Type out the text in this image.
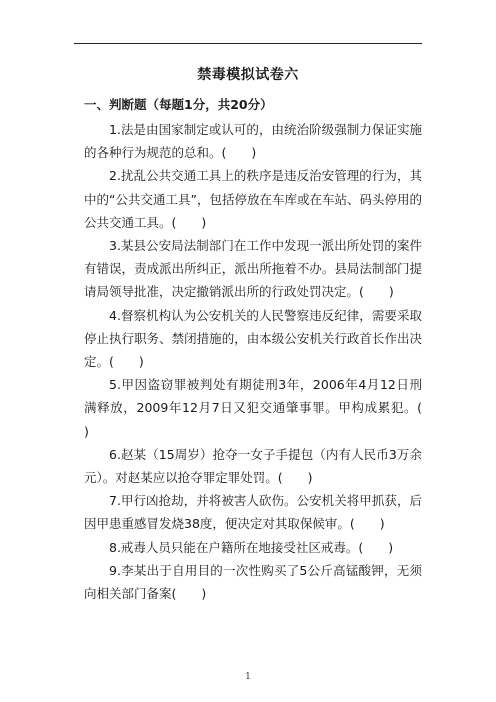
禁毒模拟试卷六
一、判断题（每题1分，共20分）

1.法是由国家制定或认可的，由统治阶级强制力保证实施的各种行为规范的总和。(　　)

2.扰乱公共交通工具上的秩序是违反治安管理的行为，其中的“公共交通工具”，包括停放在车库或在车站、码头停用的公共交通工具。(　　)

3.某县公安局法制部门在工作中发现一派出所处罚的案件有错误，责成派出所纠正，派出所拖着不办。县局法制部门提请局领导批准，决定撤销派出所的行政处罚决定。(　　)

4.督察机构认为公安机关的人民警察违反纪律，需要采取停止执行职务、禁闭措施的，由本级公安机关行政首长作出决定。(　　)

5.甲因盗窃罪被判处有期徒刑3年，2006年4月12日刑满释放，2009年12月7日又犯交通肇事罪。甲构成累犯。(　　)

6.赵某（15周岁）抢夺一女子手提包（内有人民币3万余元）。对赵某应以抢夺罪定罪处罚。(　　)

7.甲行凶抢劫，并将被害人砍伤。公安机关将甲抓获，后因甲患重感冒发烧38度，便决定对其取保候审。(　　)

8.戒毒人员只能在户籍所在地接受社区戒毒。(　　)

9.李某出于自用目的一次性购买了5公斤高锰酸钾，无须向相关部门备案(　　)

1
